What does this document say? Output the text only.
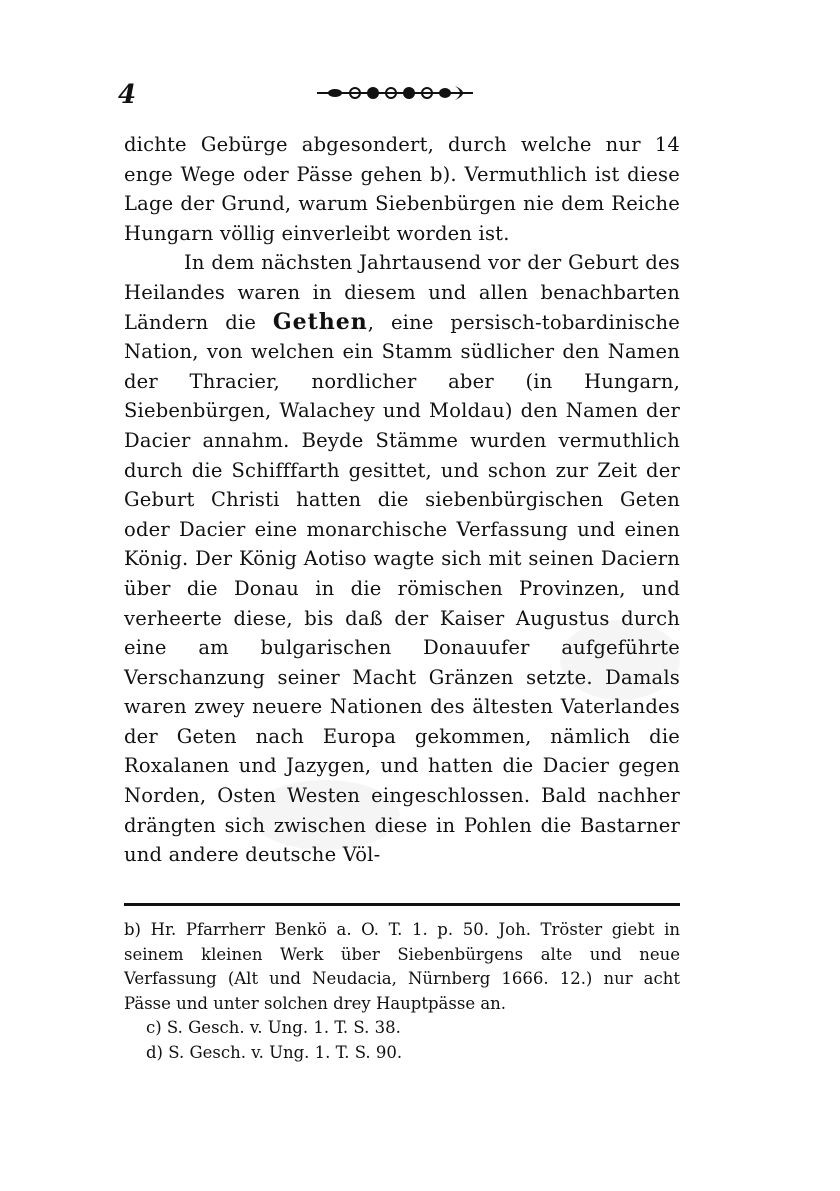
4

dichte Gebürge abgesondert, durch welche nur 14 enge Wege oder Pässe gehen b). Vermuthlich ist diese Lage der Grund, warum Siebenbürgen nie dem Reiche Hungarn völlig einverleibt worden ist.

In dem nächsten Jahrtausend vor der Geburt des Heilandes waren in diesem und allen benachbarten Ländern die Gethen, eine persisch-tobardinische Nation, von welchen ein Stamm südlicher den Namen der Thracier, nordlicher aber (in Hungarn, Siebenbürgen, Walachey und Moldau) den Namen der Dacier annahm. Beyde Stämme wurden vermuthlich durch die Schifffarth gesittet, und schon zur Zeit der Geburt Christi hatten die siebenbürgischen Geten oder Dacier eine monarchische Verfassung und einen König. Der König Aotiso wagte sich mit seinen Daciern über die Donau in die römischen Provinzen, und verheerte diese, bis daß der Kaiser Augustus durch eine am bulgarischen Donauufer aufgeführte Verschanzung seiner Macht Gränzen setzte. Damals waren zwey neuere Nationen des ältesten Vaterlandes der Geten nach Europa gekommen, nämlich die Roxalanen und Jazygen, und hatten die Dacier gegen Norden, Osten Westen eingeschlossen. Bald nachher drängten sich zwischen diese in Pohlen die Bastarner und andere deutsche Völ-

b) Hr. Pfarrherr Benkö a. O. T. 1. p. 50. Joh. Tröster giebt in seinem kleinen Werk über Siebenbürgens alte und neue Verfassung (Alt und Neudacia, Nürnberg 1666. 12.) nur acht Pässe und unter solchen drey Hauptpässe an.

c) S. Gesch. v. Ung. 1. T. S. 38.

d) S. Gesch. v. Ung. 1. T. S. 90.
